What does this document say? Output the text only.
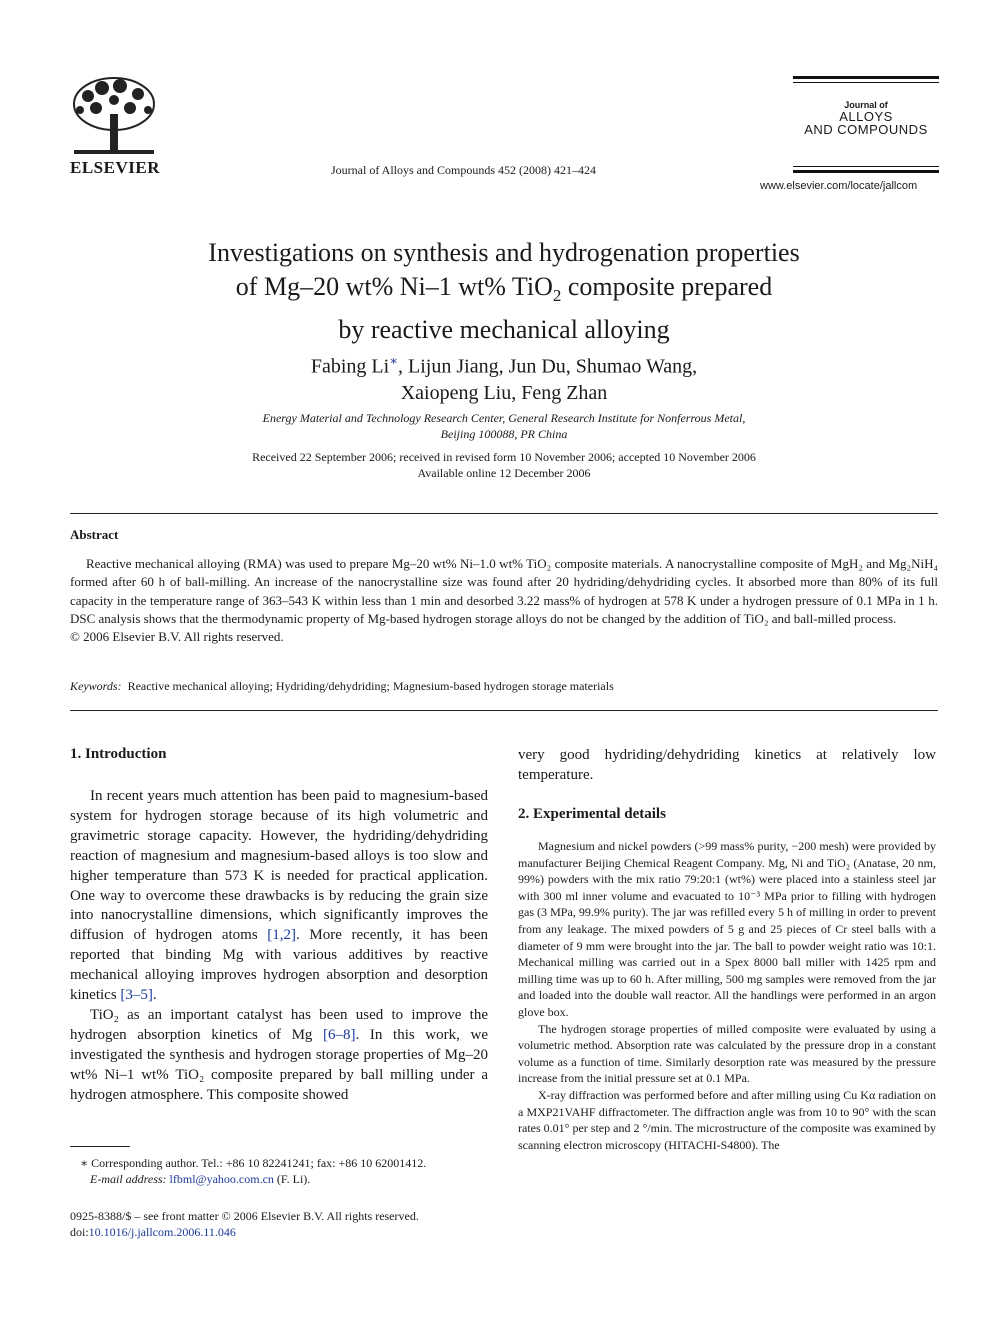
ELSEVIER	Journal of Alloys and Compounds 452 (2008) 421–424
Journal of
ALLOYS
AND COMPOUNDS
www.elsevier.com/locate/jallcom
Investigations on synthesis and hydrogenation properties
of Mg–20 wt% Ni–1 wt% TiO$_2$ composite prepared
by reactive mechanical alloying
Fabing Li∗, Lijun Jiang, Jun Du, Shumao Wang,
Xaiopeng Liu, Feng Zhan
Energy Material and Technology Research Center, General Research Institute for Nonferrous Metal,
Beijing 100088, PR China
Received 22 September 2006; received in revised form 10 November 2006; accepted 10 November 2006
Available online 12 December 2006
Abstract

Reactive mechanical alloying (RMA) was used to prepare Mg–20 wt% Ni–1.0 wt% TiO₂ composite materials. A nanocrystalline composite of MgH₂ and Mg₂NiH₄ formed after 60 h of ball-milling. An increase of the nanocrystalline size was found after 20 hydriding/dehydriding cycles. It absorbed more than 80% of its full capacity in the temperature range of 363–543 K within less than 1 min and desorbed 3.22 mass% of hydrogen at 578 K under a hydrogen pressure of 0.1 MPa in 1 h. DSC analysis shows that the thermodynamic property of Mg-based hydrogen storage alloys do not be changed by the addition of TiO₂ and ball-milled process.

© 2006 Elsevier B.V. All rights reserved.

Keywords: Reactive mechanical alloying; Hydriding/dehydriding; Magnesium-based hydrogen storage materials
1. Introduction

In recent years much attention has been paid to magnesium-based system for hydrogen storage because of its high volumetric and gravimetric storage capacity. However, the hydriding/dehydriding reaction of magnesium and magnesium-based alloys is too slow and higher temperature than 573 K is needed for practical application. One way to overcome these drawbacks is by reducing the grain size into nanocrystalline dimensions, which significantly improves the diffusion of hydrogen atoms [1,2]. More recently, it has been reported that binding Mg with various additives by reactive mechanical alloying improves hydrogen absorption and desorption kinetics [3–5].

TiO₂ as an important catalyst has been used to improve the hydrogen absorption kinetics of Mg [6–8]. In this work, we investigated the synthesis and hydrogen storage properties of Mg–20 wt% Ni–1 wt% TiO₂ composite prepared by ball milling under a hydrogen atmosphere. This composite showed

very good hydriding/dehydriding kinetics at relatively low temperature.
2. Experimental details

Magnesium and nickel powders (>99 mass% purity, −200 mesh) were provided by manufacturer Beijing Chemical Reagent Company. Mg, Ni and TiO₂ (Anatase, 20 nm, 99%) powders with the mix ratio 79:20:1 (wt%) were placed into a stainless steel jar with 300 ml inner volume and evacuated to 10⁻³ MPa prior to filling with hydrogen gas (3 MPa, 99.9% purity). The jar was refilled every 5 h of milling in order to prevent from any leakage. The mixed powders of 5 g and 25 pieces of Cr steel balls with a diameter of 9 mm were brought into the jar. The ball to powder weight ratio was 10:1. Mechanical milling was carried out in a Spex 8000 ball miller with 1425 rpm and milling time was up to 60 h. After milling, 500 mg samples were removed from the jar and loaded into the double wall reactor. All the handlings were performed in an argon glove box.

The hydrogen storage properties of milled composite were evaluated by using a volumetric method. Absorption rate was calculated by the pressure drop in a constant volume as a function of time. Similarly desorption rate was measured by the pressure increase from the initial pressure set at 0.1 MPa.

X-ray diffraction was performed before and after milling using Cu Kα radiation on a MXP21VAHF diffractometer. The diffraction angle was from 10 to 90° with the scan rates 0.01° per step and 2 °/min. The microstructure of the composite was examined by scanning electron microscopy (HITACHI-S4800). The

∗ Corresponding author. Tel.: +86 10 82241241; fax: +86 10 62001412.
E-mail address: lfbml@yahoo.com.cn (F. Li).
0925-8388/$ – see front matter © 2006 Elsevier B.V. All rights reserved.
doi:10.1016/j.jallcom.2006.11.046
